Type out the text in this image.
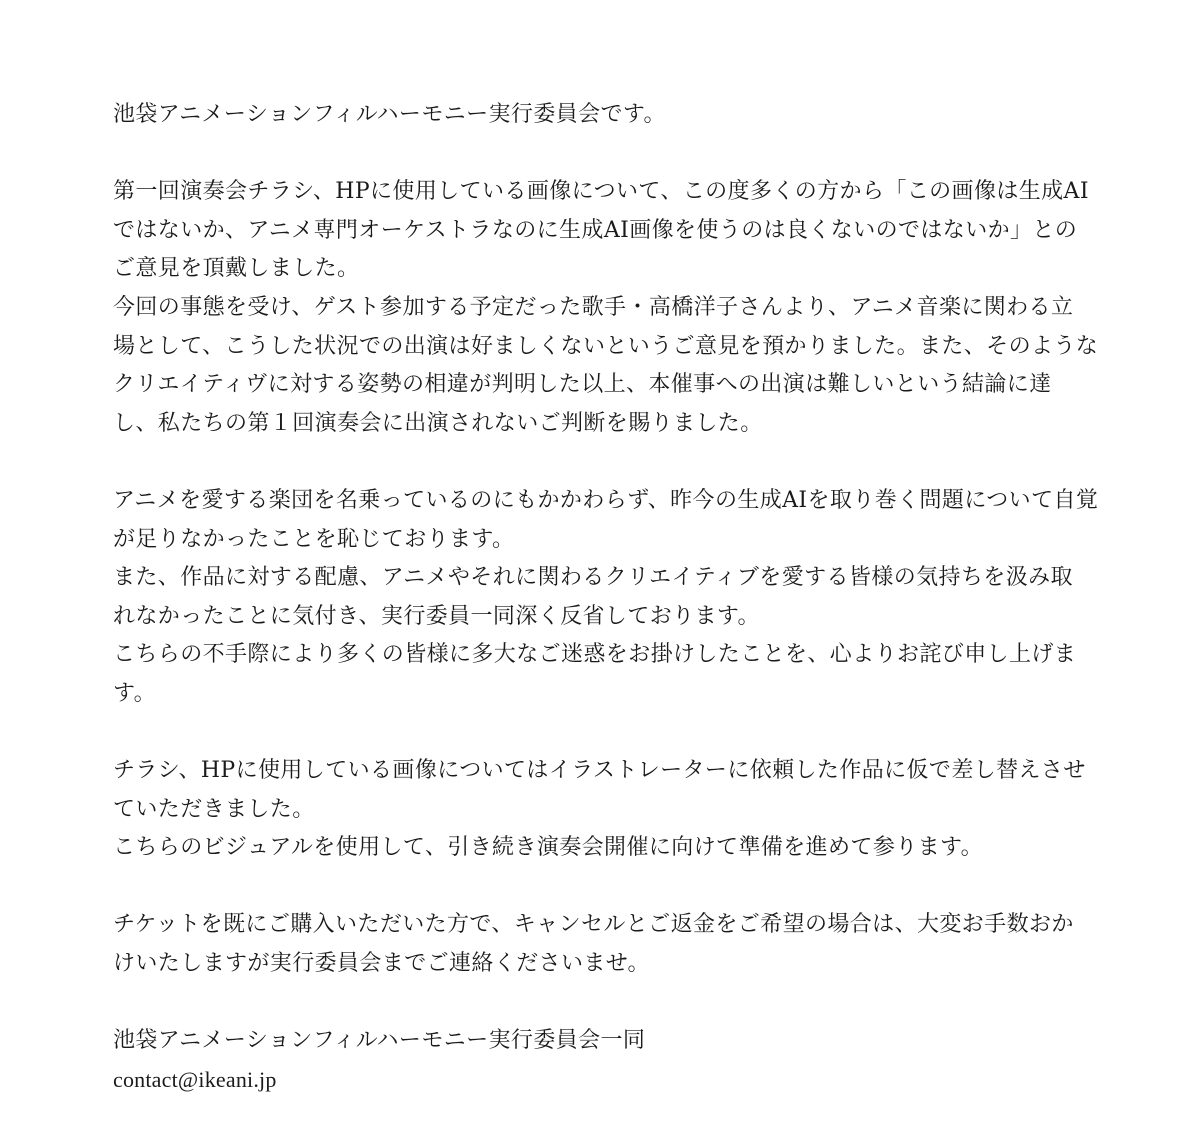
池袋アニメーションフィルハーモニー実行委員会です。
第一回演奏会チラシ、HPに使用している画像について、この度多くの方から「この画像は生成AI
ではないか、アニメ専門オーケストラなのに生成AI画像を使うのは良くないのではないか」との
ご意見を頂戴しました。
今回の事態を受け、ゲスト参加する予定だった歌手・高橋洋子さんより、アニメ音楽に関わる立
場として、こうした状況での出演は好ましくないというご意見を預かりました。また、そのような
クリエイティヴに対する姿勢の相違が判明した以上、本催事への出演は難しいという結論に達
し、私たちの第１回演奏会に出演されないご判断を賜りました。
アニメを愛する楽団を名乗っているのにもかかわらず、昨今の生成AIを取り巻く問題について自覚
が足りなかったことを恥じております。
また、作品に対する配慮、アニメやそれに関わるクリエイティブを愛する皆様の気持ちを汲み取
れなかったことに気付き、実行委員一同深く反省しております。
こちらの不手際により多くの皆様に多大なご迷惑をお掛けしたことを、心よりお詫び申し上げま
す。
チラシ、HPに使用している画像についてはイラストレーターに依頼した作品に仮で差し替えさせ
ていただきました。
こちらのビジュアルを使用して、引き続き演奏会開催に向けて準備を進めて参ります。
チケットを既にご購入いただいた方で、キャンセルとご返金をご希望の場合は、大変お手数おか
けいたしますが実行委員会までご連絡くださいませ。
池袋アニメーションフィルハーモニー実行委員会一同
contact@ikeani.jp
